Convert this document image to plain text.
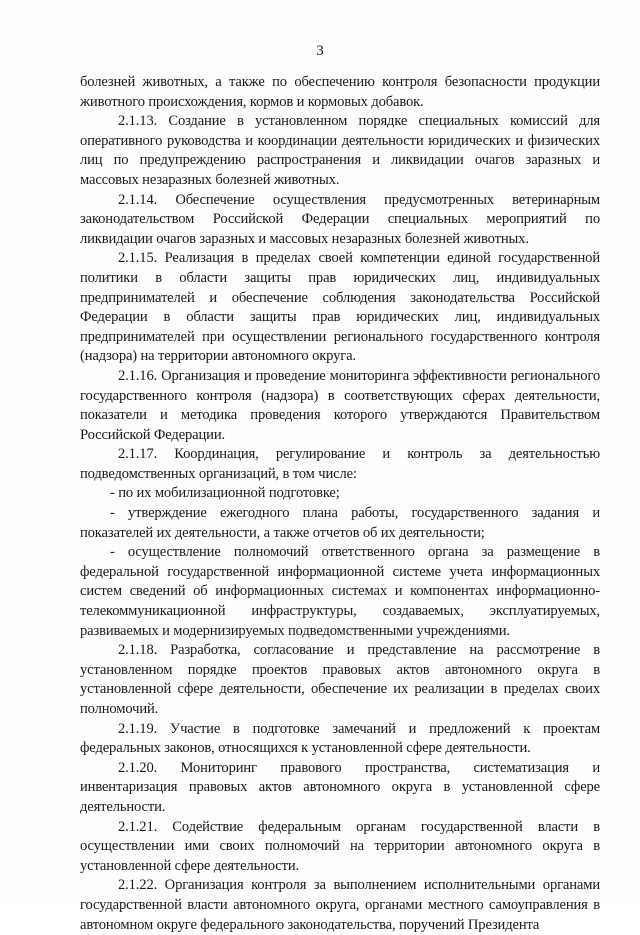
3

болезней животных, а также по обеспечению контроля безопасности продукции животного происхождения, кормов и кормовых добавок.

2.1.13. Создание в установленном порядке специальных комиссий для оперативного руководства и координации деятельности юридических и физических лиц по предупреждению распространения и ликвидации очагов заразных и массовых незаразных болезней животных.

2.1.14. Обеспечение осуществления предусмотренных ветеринарным законодательством Российской Федерации специальных мероприятий по ликвидации очагов заразных и массовых незаразных болезней животных.

2.1.15. Реализация в пределах своей компетенции единой государственной политики в области защиты прав юридических лиц, индивидуальных предпринимателей и обеспечение соблюдения законодательства Российской Федерации в области защиты прав юридических лиц, индивидуальных предпринимателей при осуществлении регионального государственного контроля (надзора) на территории автономного округа.

2.1.16. Организация и проведение мониторинга эффективности регионального государственного контроля (надзора) в соответствующих сферах деятельности, показатели и методика проведения которого утверждаются Правительством Российской Федерации.

2.1.17. Координация, регулирование и контроль за деятельностью подведомственных организаций, в том числе:

- по их мобилизационной подготовке;

- утверждение ежегодного плана работы, государственного задания и показателей их деятельности, а также отчетов об их деятельности;

- осуществление полномочий ответственного органа за размещение в федеральной государственной информационной системе учета информационных систем сведений об информационных системах и компонентах информационно-телекоммуникационной инфраструктуры, создаваемых, эксплуатируемых, развиваемых и модернизируемых подведомственными учреждениями.

2.1.18. Разработка, согласование и представление на рассмотрение в установленном порядке проектов правовых актов автономного округа в установленной сфере деятельности, обеспечение их реализации в пределах своих полномочий.

2.1.19. Участие в подготовке замечаний и предложений к проектам федеральных законов, относящихся к установленной сфере деятельности.

2.1.20. Мониторинг правового пространства, систематизация и инвентаризация правовых актов автономного округа в установленной сфере деятельности.

2.1.21. Содействие федеральным органам государственной власти в осуществлении ими своих полномочий на территории автономного округа в установленной сфере деятельности.

2.1.22. Организация контроля за выполнением исполнительными органами государственной власти автономного округа, органами местного самоуправления в автономном округе федерального законодательства, поручений Президента
